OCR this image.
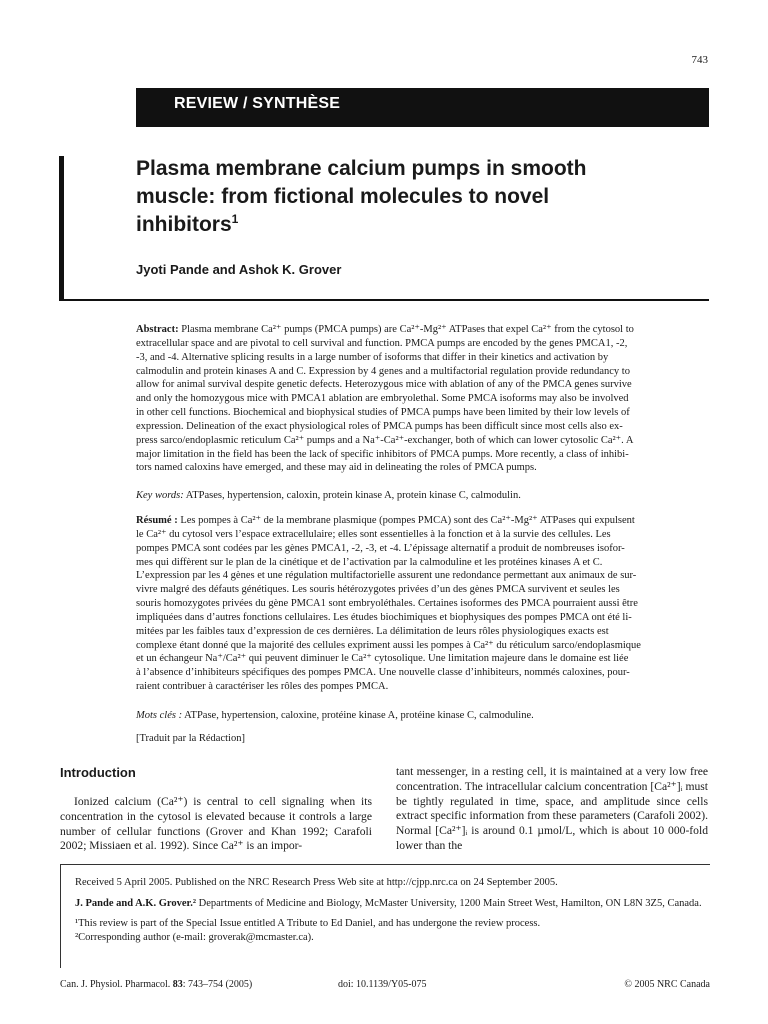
743
REVIEW / SYNTHÈSE
Plasma membrane calcium pumps in smooth
muscle: from fictional molecules to novel
inhibitors$^1$
Jyoti Pande and Ashok K. Grover
Abstract: Plasma membrane Ca²⁺ pumps (PMCA pumps) are Ca²⁺-Mg²⁺ ATPases that expel Ca²⁺ from the cytosol to
extracellular space and are pivotal to cell survival and function. PMCA pumps are encoded by the genes PMCA1, -2,
-3, and -4. Alternative splicing results in a large number of isoforms that differ in their kinetics and activation by
calmodulin and protein kinases A and C. Expression by 4 genes and a multifactorial regulation provide redundancy to
allow for animal survival despite genetic defects. Heterozygous mice with ablation of any of the PMCA genes survive
and only the homozygous mice with PMCA1 ablation are embryolethal. Some PMCA isoforms may also be involved
in other cell functions. Biochemical and biophysical studies of PMCA pumps have been limited by their low levels of
expression. Delineation of the exact physiological roles of PMCA pumps has been difficult since most cells also ex-
press sarco/endoplasmic reticulum Ca²⁺ pumps and a Na⁺-Ca²⁺-exchanger, both of which can lower cytosolic Ca²⁺. A
major limitation in the field has been the lack of specific inhibitors of PMCA pumps. More recently, a class of inhibi-
tors named caloxins have emerged, and these may aid in delineating the roles of PMCA pumps.
Key words: ATPases, hypertension, caloxin, protein kinase A, protein kinase C, calmodulin.
Résumé : Les pompes à Ca²⁺ de la membrane plasmique (pompes PMCA) sont des Ca²⁺-Mg²⁺ ATPases qui expulsent
le Ca²⁺ du cytosol vers l’espace extracellulaire; elles sont essentielles à la fonction et à la survie des cellules. Les
pompes PMCA sont codées par les gènes PMCA1, -2, -3, et -4. L’épissage alternatif a produit de nombreuses isofor-
mes qui diffèrent sur le plan de la cinétique et de l’activation par la calmoduline et les protéines kinases A et C.
L’expression par les 4 gènes et une régulation multifactorielle assurent une redondance permettant aux animaux de sur-
vivre malgré des défauts génétiques. Les souris hétérozygotes privées d’un des gènes PMCA survivent et seules les
souris homozygotes privées du gène PMCA1 sont embryoléthales. Certaines isoformes des PMCA pourraient aussi être
impliquées dans d’autres fonctions cellulaires. Les études biochimiques et biophysiques des pompes PMCA ont été li-
mitées par les faibles taux d’expression de ces dernières. La délimitation de leurs rôles physiologiques exacts est
complexe étant donné que la majorité des cellules expriment aussi les pompes à Ca²⁺ du réticulum sarco/endoplasmique
et un échangeur Na⁺/Ca²⁺ qui peuvent diminuer le Ca²⁺ cytosolique. Une limitation majeure dans le domaine est liée
à l’absence d’inhibiteurs spécifiques des pompes PMCA. Une nouvelle classe d’inhibiteurs, nommés caloxines, pour-
raient contribuer à caractériser les rôles des pompes PMCA.
Mots clés : ATPase, hypertension, caloxine, protéine kinase A, protéine kinase C, calmoduline.
[Traduit par la Rédaction]
Introduction
Ionized calcium (Ca²⁺) is central to cell signaling when its concentration in the cytosol is elevated because it controls a large number of cellular functions (Grover and Khan 1992; Carafoli 2002; Missiaen et al. 1992). Since Ca²⁺ is an impor-
tant messenger, in a resting cell, it is maintained at a very low free concentration. The intracellular calcium concentration [Ca²⁺]ᵢ must be tightly regulated in time, space, and amplitude since cells extract specific information from these parameters (Carafoli 2002). Normal [Ca²⁺]ᵢ is around 0.1 µmol/L, which is about 10 000-fold lower than the

Received 5 April 2005. Published on the NRC Research Press Web site at http://cjpp.nrc.ca on 24 September 2005.

J. Pande and A.K. Grover.² Departments of Medicine and Biology, McMaster University, 1200 Main Street West, Hamilton, ON L8N 3Z5, Canada.

¹This review is part of the Special Issue entitled A Tribute to Ed Daniel, and has undergone the review process.

²Corresponding author (e-mail: groverak@mcmaster.ca).

Can. J. Physiol. Pharmacol. 83: 743–754 (2005)	doi: 10.1139/Y05-075	© 2005 NRC Canada
